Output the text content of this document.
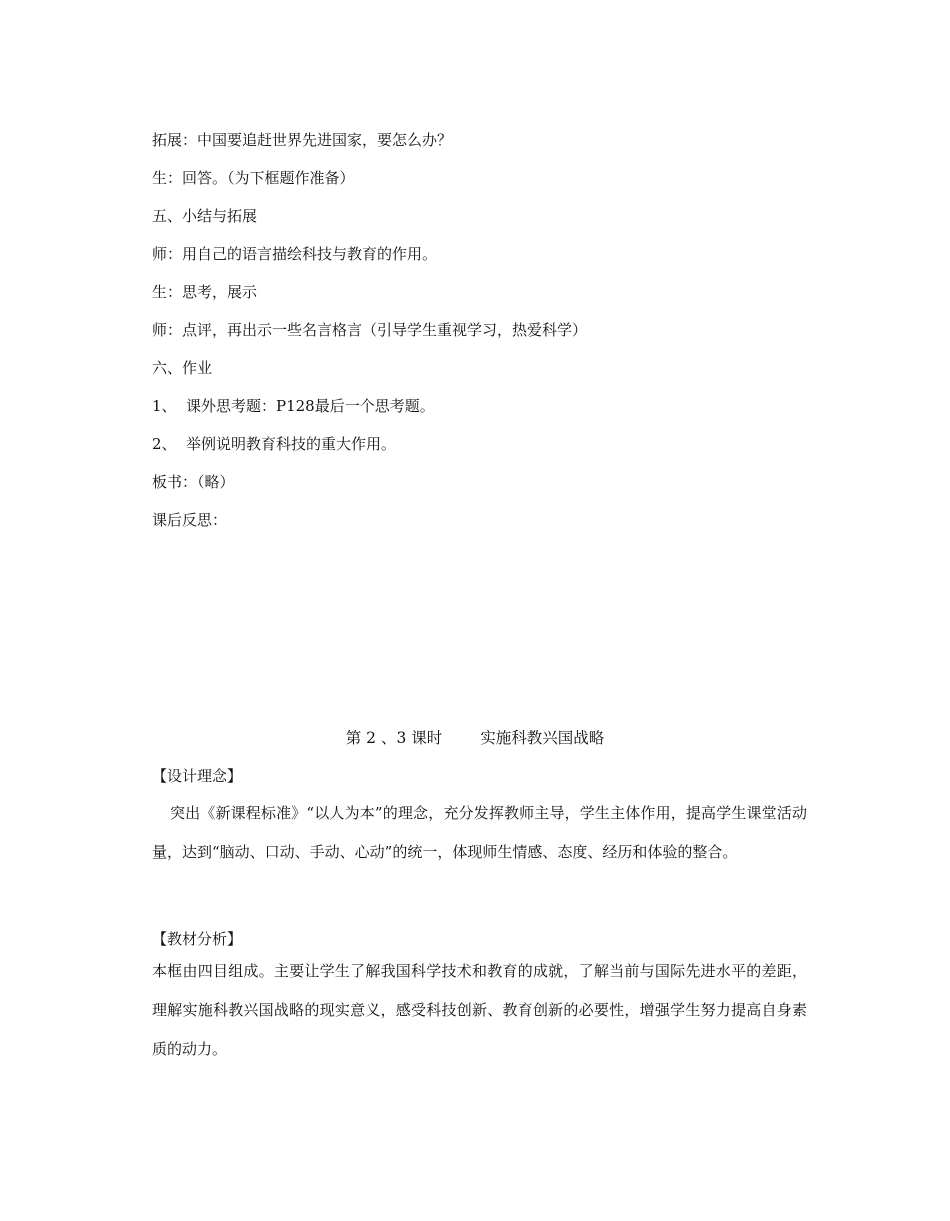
拓展：中国要追赶世界先进国家，要怎么办？
生：回答。（为下框题作准备）
五、小结与拓展
师：用自己的语言描绘科技与教育的作用。
生：思考，展示
师：点评，再出示一些名言格言（引导学生重视学习，热爱科学）
六、作业
1、 课外思考题：P128最后一个思考题。
2、 举例说明教育科技的重大作用。
板书：（略）
课后反思：
第 2 、3 课时 实施科教兴国战略
【设计理念】
突出《新课程标准》“以人为本”的理念，充分发挥教师主导，学生主体作用，提高学生课堂活动量，达到“脑动、口动、手动、心动”的统一，体现师生情感、态度、经历和体验的整合。
【教材分析】
本框由四目组成。主要让学生了解我国科学技术和教育的成就，了解当前与国际先进水平的差距，理解实施科教兴国战略的现实意义，感受科技创新、教育创新的必要性，增强学生努力提高自身素质的动力。
